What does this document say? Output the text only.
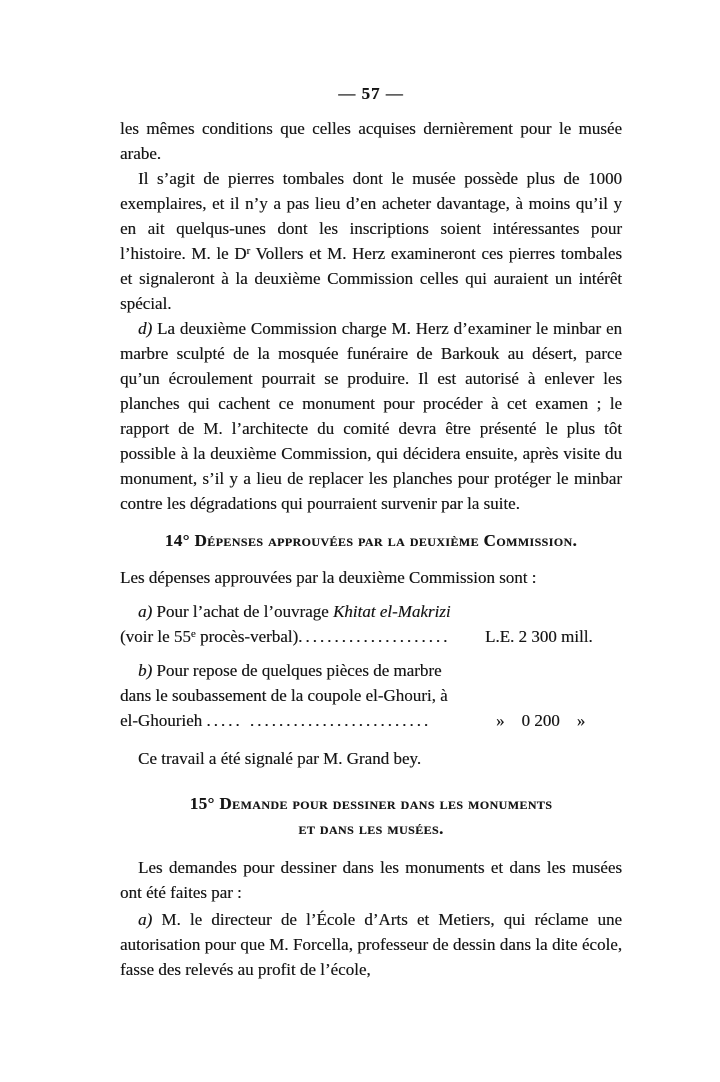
— 57 —

les mêmes conditions que celles acquises dernièrement pour le musée arabe.

Il s’agit de pierres tombales dont le musée possède plus de 1000 exemplaires, et il n’y a pas lieu d’en acheter davantage, à moins qu’il y en ait quelqus-unes dont les inscriptions soient intéressantes pour l’histoire. M. le $D^r$ Vollers et M. Herz examineront ces pierres tombales et signaleront à la deuxième Commission celles qui auraient un intérêt spécial.

d) La deuxième Commission charge M. Herz d’examiner le minbar en marbre sculpté de la mosquée funéraire de Barkouk au désert, parce qu’un écroulement pourrait se produire. Il est autorisé à enlever les planches qui cachent ce monument pour procéder à cet examen ; le rapport de M. l’architecte du comité devra être présenté le plus tôt possible à la deuxième Commission, qui décidera ensuite, après visite du monument, s’il y a lieu de replacer les planches pour protéger le minbar contre les dégradations qui pourraient survenir par la suite.

14° Dépenses approuvées par la deuxième Commission.

Les dépenses approuvées par la deuxième Commission sont :

a) Pour l’achat de l’ouvrage Khitat el-Makrizi

(voir le 55e procès-verbal)..................... L.E. 2 300 mill.

b) Pour repose de quelques pièces de marbre

dans le soubassement de la coupole el-Ghouri, à

el-Ghourieh ..... .........................	»    0 200    »

Ce travail a été signalé par M. Grand bey.

15° Demande pour dessiner dans les monuments
et dans les musées.

Les demandes pour dessiner dans les monuments et dans les musées ont été faites par :

a) M. le directeur de l’École d’Arts et Metiers, qui réclame une autorisation pour que M. Forcella, professeur de dessin dans la dite école, fasse des relevés au profit de l’école,
